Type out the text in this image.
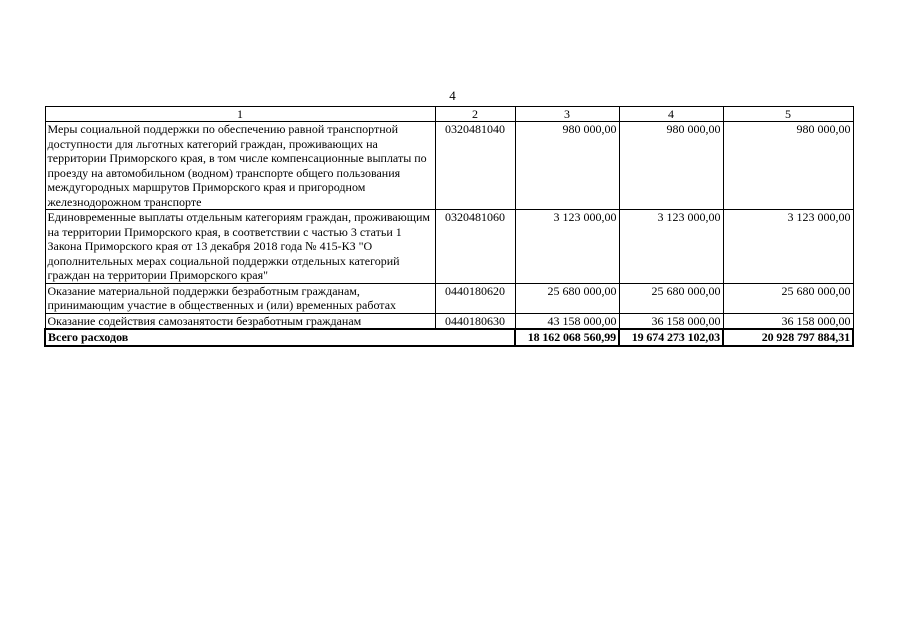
4
1	2	3	4	5
Меры социальной поддержки по обеспечению равной транспортной доступности для льготных категорий граждан, проживающих на территории Приморского края, в том числе компенсационные выплаты по проезду на автомобильном (водном) транспорте общего пользования междугородных маршрутов Приморского края и пригородном железнодорожном транспорте	0320481040	980 000,00	980 000,00	980 000,00
Единовременные выплаты отдельным категориям граждан, проживающим на территории Приморского края, в соответствии с частью 3 статьи 1 Закона Приморского края от 13 декабря 2018 года № 415-КЗ "О дополнительных мерах социальной поддержки отдельных категорий граждан на территории Приморского края"	0320481060	3 123 000,00	3 123 000,00	3 123 000,00
Оказание материальной поддержки безработным гражданам, принимающим участие в общественных и (или) временных работах	0440180620	25 680 000,00	25 680 000,00	25 680 000,00
Оказание содействия самозанятости безработным гражданам	0440180630	43 158 000,00	36 158 000,00	36 158 000,00
Всего расходов		18 162 068 560,99	19 674 273 102,03	20 928 797 884,31
